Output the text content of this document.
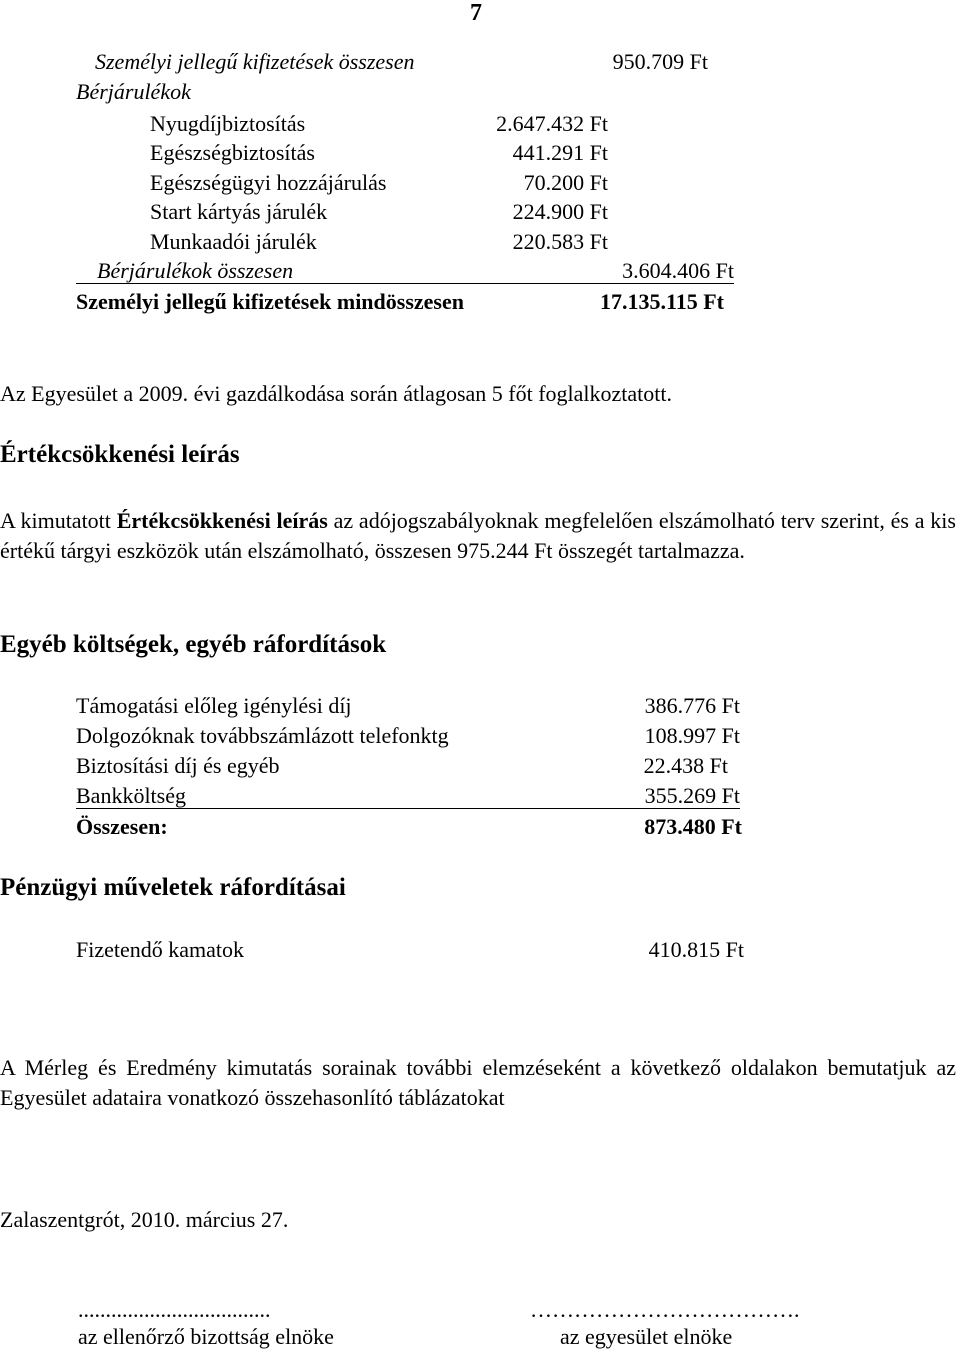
7
Személyi jellegű kifizetések összesen	950.709 Ft
Bérjárulékok
Nyugdíjbiztosítás	2.647.432 Ft
Egészségbiztosítás	441.291 Ft
Egészségügyi hozzájárulás	70.200 Ft
Start kártyás járulék	224.900 Ft
Munkaadói járulék	220.583 Ft
Bérjárulékok összesen	3.604.406 Ft
Személyi jellegű kifizetések mindösszesen	17.135.115 Ft
Az Egyesület a 2009. évi gazdálkodása során átlagosan 5 főt foglalkoztatott.
Értékcsökkenési leírás
A kimutatott Értékcsökkenési leírás az adójogszabályoknak megfelelően elszámolható terv szerint, és a kis értékű tárgyi eszközök után elszámolható, összesen 975.244 Ft összegét tartalmazza.
Egyéb költségek, egyéb ráfordítások
Támogatási előleg igénylési díj	386.776 Ft
Dolgozóknak továbbszámlázott telefonktg	108.997 Ft
Biztosítási díj és egyéb	22.438 Ft
Bankköltség	355.269 Ft
Összesen:	873.480 Ft
Pénzügyi műveletek ráfordításai
Fizetendő kamatok	410.815 Ft
A Mérleg és Eredmény kimutatás sorainak további elemzéseként a következő oldalakon bemutatjuk az Egyesület adataira vonatkozó összehasonlító táblázatokat
Zalaszentgrót, 2010. március 27.
...................................	……………………………….
az ellenőrző bizottság elnöke	az egyesület elnöke
